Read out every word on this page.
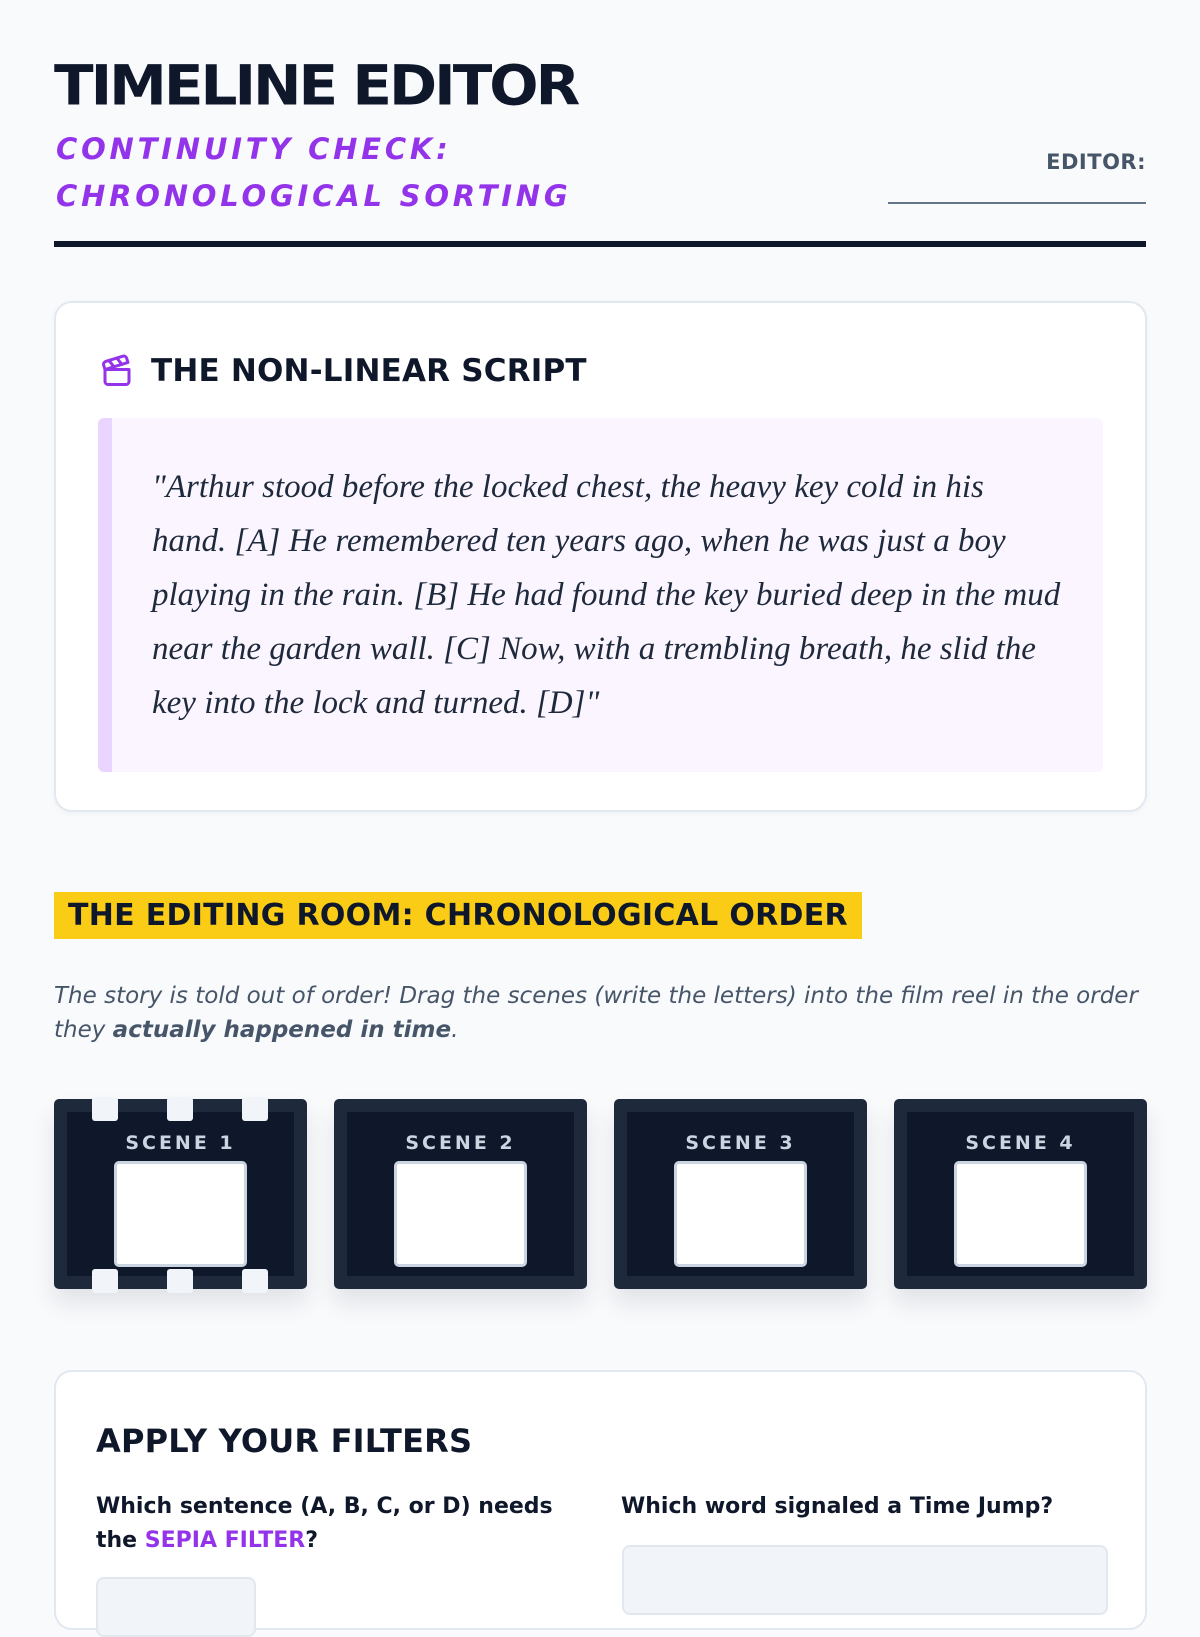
TIMELINE EDITOR
CONTINUITY CHECK: CHRONOLOGICAL SORTING
EDITOR:
THE NON-LINEAR SCRIPT

"Arthur stood before the locked chest, the heavy key cold in his hand. [A] He remembered ten years ago, when he was just a boy playing in the rain. [B] He had found the key buried deep in the mud near the garden wall. [C] Now, with a trembling breath, he slid the key into the lock and turned. [D]"

THE EDITING ROOM: CHRONOLOGICAL ORDER

The story is told out of order! Drag the scenes (write the letters) into the film reel in the order they actually happened in time.

SCENE 1	SCENE 2	SCENE 3	SCENE 4
APPLY YOUR FILTERS

Which sentence (A, B, C, or D) needs the SEPIA FILTER?

Which word signaled a Time Jump?
